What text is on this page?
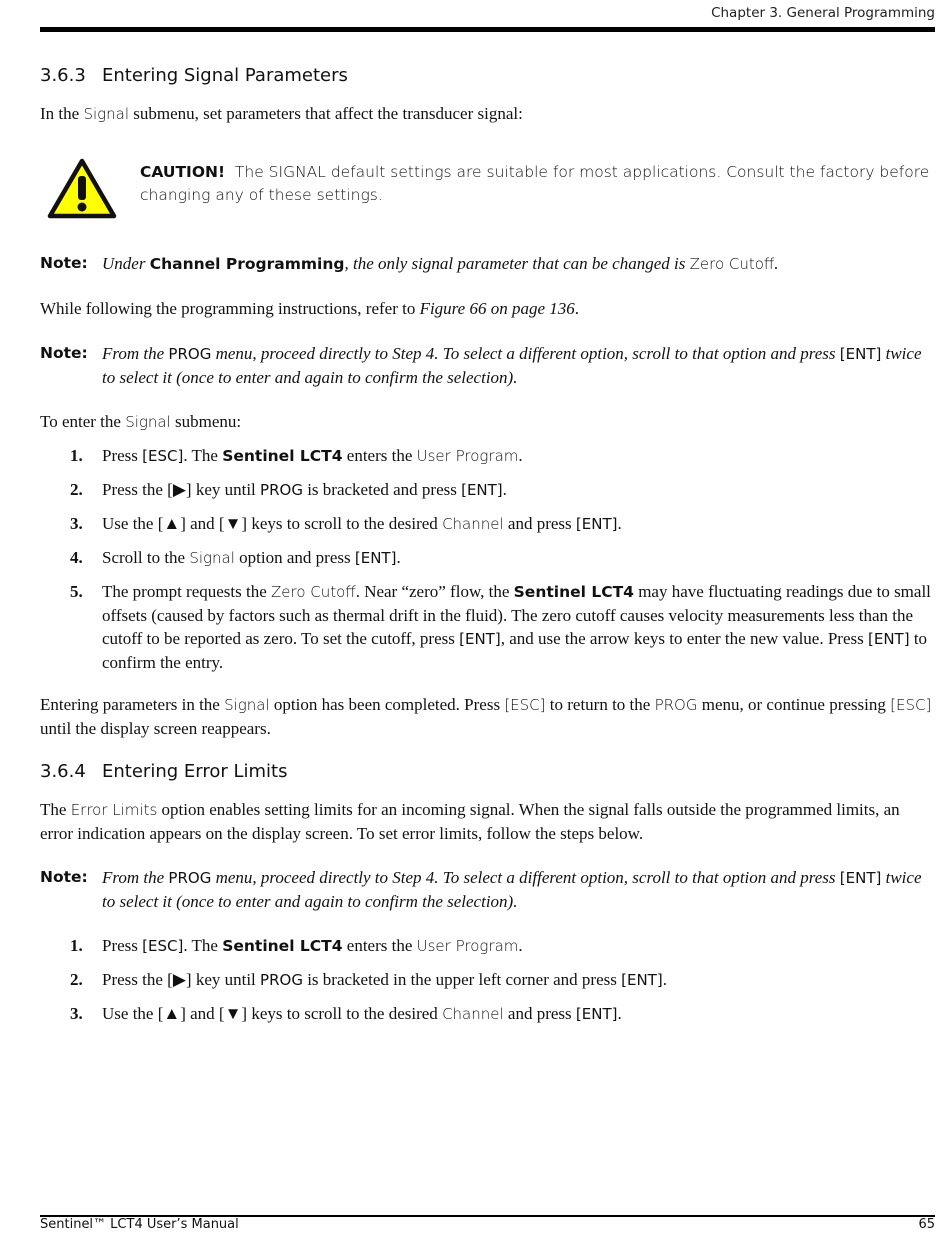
Chapter 3. General Programming
3.6.3 Entering Signal Parameters

In the Signal submenu, set parameters that affect the transducer signal:

CAUTION! The SIGNAL default settings are suitable for most applications. Consult the factory before changing any of these settings.
Note: Under Channel Programming, the only signal parameter that can be changed is Zero Cutoff.

While following the programming instructions, refer to Figure 66 on page 136.

Note: From the PROG menu, proceed directly to Step 4. To select a different option, scroll to that option and press [ENT] twice to select it (once to enter and again to confirm the selection).

To enter the Signal submenu:

1. Press [ESC]. The Sentinel LCT4 enters the User Program.
2. Press the [▶] key until PROG is bracketed and press [ENT].
3. Use the [▲] and [▼] keys to scroll to the desired Channel and press [ENT].
4. Scroll to the Signal option and press [ENT].
5. The prompt requests the Zero Cutoff. Near “zero” flow, the Sentinel LCT4 may have fluctuating readings due to small offsets (caused by factors such as thermal drift in the fluid). The zero cutoff causes velocity measurements less than the cutoff to be reported as zero. To set the cutoff, press [ENT], and use the arrow keys to enter the new value. Press [ENT] to confirm the entry.

Entering parameters in the Signal option has been completed. Press [ESC] to return to the PROG menu, or continue pressing [ESC] until the display screen reappears.

3.6.4 Entering Error Limits

The Error Limits option enables setting limits for an incoming signal. When the signal falls outside the programmed limits, an error indication appears on the display screen. To set error limits, follow the steps below.

Note: From the PROG menu, proceed directly to Step 4. To select a different option, scroll to that option and press [ENT] twice to select it (once to enter and again to confirm the selection).
1. Press [ESC]. The Sentinel LCT4 enters the User Program.
2. Press the [▶] key until PROG is bracketed in the upper left corner and press [ENT].
3. Use the [▲] and [▼] keys to scroll to the desired Channel and press [ENT].
Sentinel™ LCT4 User’s Manual	65
